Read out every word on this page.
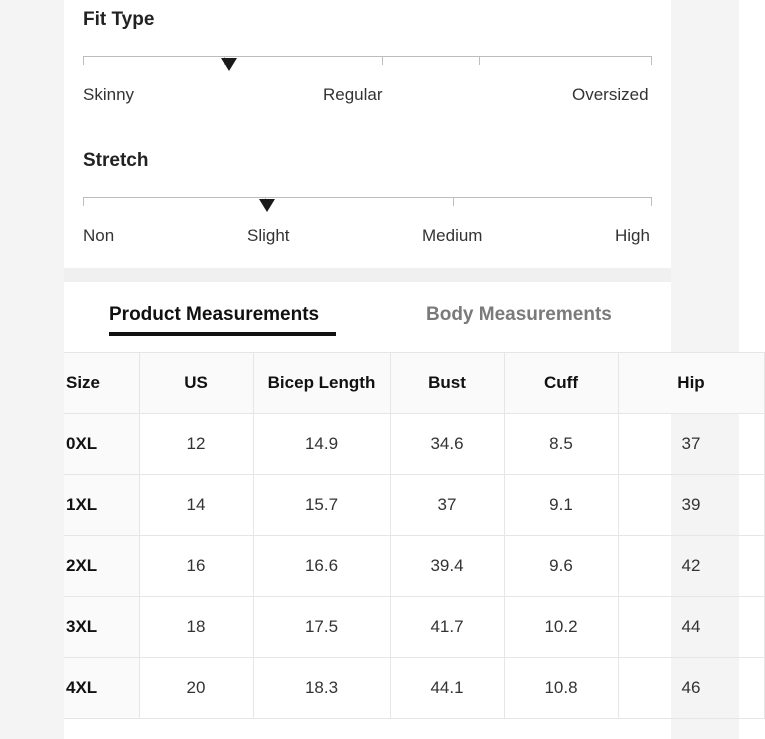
Fit Type
Skinny	Regular	Oversized
Stretch
Non	Slight	Medium	High
Product Measurements	Body Measurements
Size	US	Bicep Length	Bust	Cuff	Hip
0XL	12	14.9	34.6	8.5	37
1XL	14	15.7	37	9.1	39
2XL	16	16.6	39.4	9.6	42
3XL	18	17.5	41.7	10.2	44
4XL	20	18.3	44.1	10.8	46
